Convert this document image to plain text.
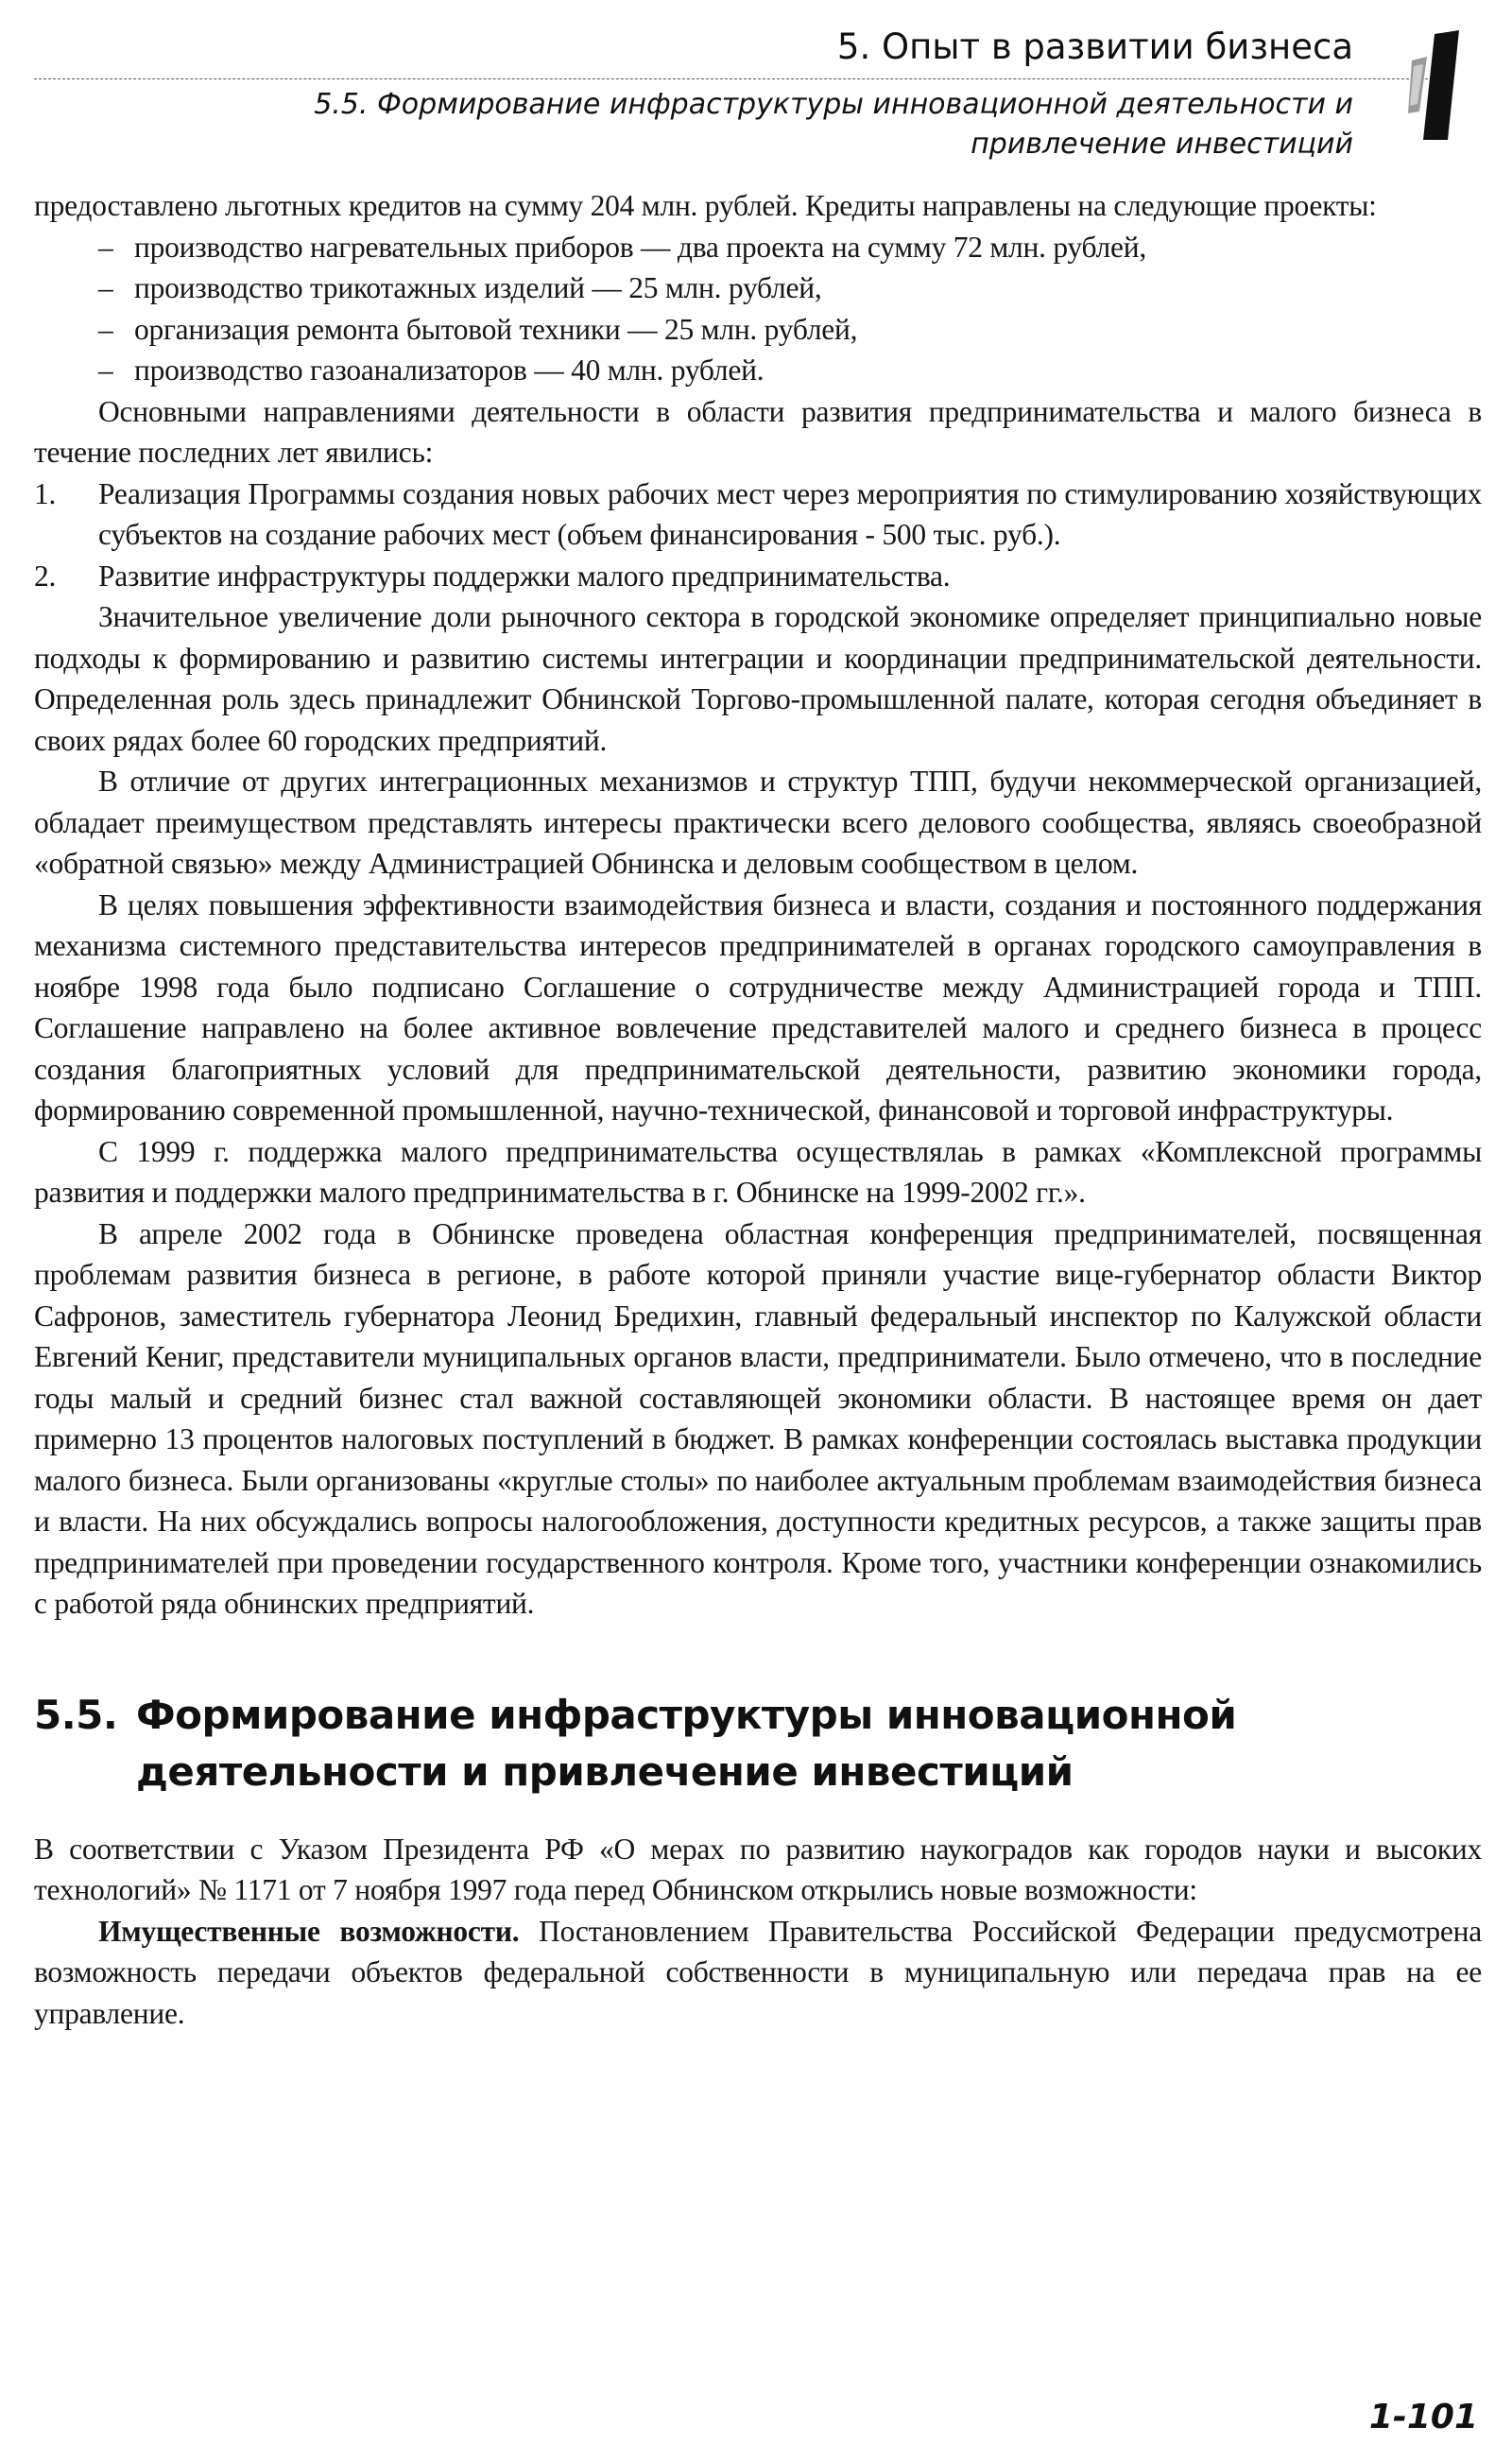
5. Опыт в развитии бизнеса
5.5. Формирование инфраструктуры инновационной деятельности и
привлечение инвестиций

предоставлено льготных кредитов на сумму 204 млн. рублей. Кредиты направлены на следующие проекты:

– производство нагревательных приборов — два проекта на сумму 72 млн. рублей,
– производство трикотажных изделий — 25 млн. рублей,
– организация ремонта бытовой техники — 25 млн. рублей,
– производство газоанализаторов — 40 млн. рублей.

Основными направлениями деятельности в области развития предпринимательства и малого бизнеса в течение последних лет явились:

1. Реализация Программы создания новых рабочих мест через мероприятия по стимулированию хозяйствующих субъектов на создание рабочих мест (объем финансирования - 500 тыс. руб.).
2. Развитие инфраструктуры поддержки малого предпринимательства.

Значительное увеличение доли рыночного сектора в городской экономике определяет принципиально новые подходы к формированию и развитию системы интеграции и координации предпринимательской деятельности. Определенная роль здесь принадлежит Обнинской Торгово-промышленной палате, которая сегодня объединяет в своих рядах более 60 городских предприятий.

В отличие от других интеграционных механизмов и структур ТПП, будучи некоммерческой организацией, обладает преимуществом представлять интересы практически всего делового сообщества, являясь своеобразной «обратной связью» между Администрацией Обнинска и деловым сообществом в целом.

В целях повышения эффективности взаимодействия бизнеса и власти, создания и постоянного поддержания механизма системного представительства интересов предпринимателей в органах городского самоуправления в ноябре 1998 года было подписано Соглашение о сотрудничестве между Администрацией города и ТПП. Соглашение направлено на более активное вовлечение представителей малого и среднего бизнеса в процесс создания благоприятных условий для предпринимательской деятельности, развитию экономики города, формированию современной промышленной, научно-технической, финансовой и торговой инфраструктуры.

С 1999 г. поддержка малого предпринимательства осуществлялаь в рамках «Комплексной программы развития и поддержки малого предпринимательства в г. Обнинске на 1999-2002 гг.».

В апреле 2002 года в Обнинске проведена областная конференция предпринимателей, посвященная проблемам развития бизнеса в регионе, в работе которой приняли участие вице-губернатор области Виктор Сафронов, заместитель губернатора Леонид Бредихин, главный федеральный инспектор по Калужской области Евгений Кениг, представители муниципальных органов власти, предприниматели. Было отмечено, что в последние годы малый и средний бизнес стал важной составляющей экономики области. В настоящее время он дает примерно 13 процентов налоговых поступлений в бюджет. В рамках конференции состоялась выставка продукции малого бизнеса. Были организованы «круглые столы» по наиболее актуальным проблемам взаимодействия бизнеса и власти. На них обсуждались вопросы налогообложения, доступности кредитных ресурсов, а также защиты прав предпринимателей при проведении государственного контроля. Кроме того, участники конференции ознакомились с работой ряда обнинских предприятий.

5.5. Формирование инфраструктуры инновационной деятельности и привлечение инвестиций

В соответствии с Указом Президента РФ «О мерах по развитию наукоградов как городов науки и высоких технологий» № 1171 от 7 ноября 1997 года перед Обнинском открылись новые возможности:

Имущественные возможности. Постановлением Правительства Российской Федерации предусмотрена возможность передачи объектов федеральной собственности в муниципальную или передача прав на ее управление.

1-101
